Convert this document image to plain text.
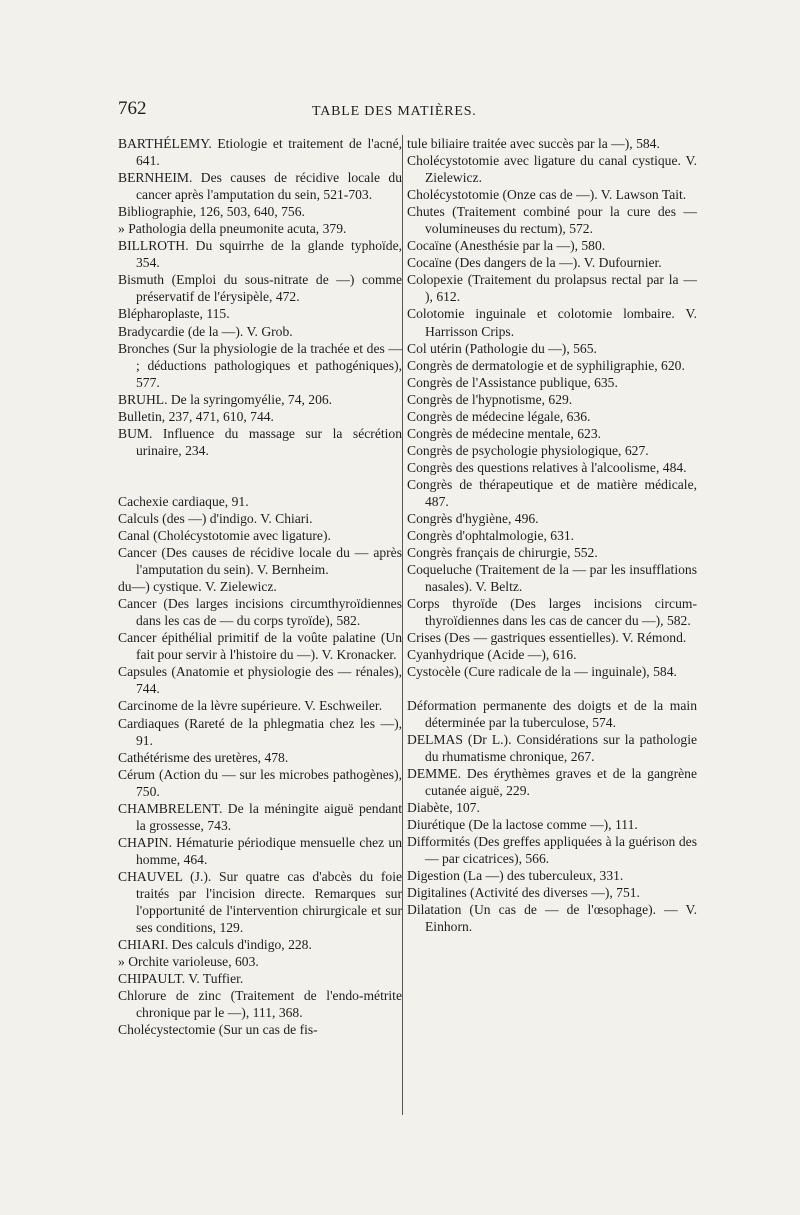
762	TABLE DES MATIÈRES.

BARTHÉLEMY. Etiologie et traitement de l'acné, 641.

BERNHEIM. Des causes de récidive locale du cancer après l'amputation du sein, 521-703.

Bibliographie, 126, 503, 640, 756.

» Pathologia della pneumonite acuta, 379.

BILLROTH. Du squirrhe de la glande typhoïde, 354.

Bismuth (Emploi du sous-nitrate de —) comme préservatif de l'érysipèle, 472.

Blépharoplaste, 115.

Bradycardie (de la —). V. Grob.

Bronches (Sur la physiologie de la trachée et des — ; déductions pathologiques et pathogéniques), 577.

BRUHL. De la syringomyélie, 74, 206.

Bulletin, 237, 471, 610, 744.

BUM. Influence du massage sur la sécrétion urinaire, 234.

Cachexie cardiaque, 91.

Calculs (des —) d'indigo. V. Chiari.

Canal (Cholécystotomie avec ligature).

Cancer (Des causes de récidive locale du — après l'amputation du sein). V. Bernheim.

du—) cystique. V. Zielewicz.

Cancer (Des larges incisions circumthyroïdiennes dans les cas de — du corps tyroïde), 582.

Cancer épithélial primitif de la voûte palatine (Un fait pour servir à l'histoire du —). V. Kronacker.

Capsules (Anatomie et physiologie des — rénales), 744.

Carcinome de la lèvre supérieure. V. Eschweiler.

Cardiaques (Rareté de la phlegmatia chez les —), 91.

Cathétérisme des uretères, 478.

Cérum (Action du — sur les microbes pathogènes), 750.

CHAMBRELENT. De la méningite aiguë pendant la grossesse, 743.

CHAPIN. Hématurie périodique mensuelle chez un homme, 464.

CHAUVEL (J.). Sur quatre cas d'abcès du foie traités par l'incision directe. Remarques sur l'opportunité de l'intervention chirurgicale et sur ses conditions, 129.

CHIARI. Des calculs d'indigo, 228.

» Orchite varioleuse, 603.

CHIPAULT. V. Tuffier.

Chlorure de zinc (Traitement de l'endo-métrite chronique par le —), 111, 368.

Cholécystectomie (Sur un cas de fis-

tule biliaire traitée avec succès par la —), 584.

Cholécystotomie avec ligature du canal cystique. V. Zielewicz.

Cholécystotomie (Onze cas de —). V. Lawson Tait.

Chutes (Traitement combiné pour la cure des — volumineuses du rectum), 572.

Cocaïne (Anesthésie par la —), 580.

Cocaïne (Des dangers de la —). V. Dufournier.

Colopexie (Traitement du prolapsus rectal par la — ), 612.

Colotomie inguinale et colotomie lombaire. V. Harrisson Crips.

Col utérin (Pathologie du —), 565.

Congrès de dermatologie et de syphiligraphie, 620.

Congrès de l'Assistance publique, 635.

Congrès de l'hypnotisme, 629.

Congrès de médecine légale, 636.

Congrès de médecine mentale, 623.

Congrès de psychologie physiologique, 627.

Congrès des questions relatives à l'alcoolisme, 484.

Congrès de thérapeutique et de matière médicale, 487.

Congrès d'hygiène, 496.

Congrès d'ophtalmologie, 631.

Congrès français de chirurgie, 552.

Coqueluche (Traitement de la — par les insufflations nasales). V. Beltz.

Corps thyroïde (Des larges incisions circum-thyroïdiennes dans les cas de cancer du —), 582.

Crises (Des — gastriques essentielles). V. Rémond.

Cyanhydrique (Acide —), 616.

Cystocèle (Cure radicale de la — inguinale), 584.

Déformation permanente des doigts et de la main déterminée par la tuberculose, 574.

DELMAS (Dr L.). Considérations sur la pathologie du rhumatisme chronique, 267.

DEMME. Des érythèmes graves et de la gangrène cutanée aiguë, 229.

Diabète, 107.

Diurétique (De la lactose comme —), 111.

Difformités (Des greffes appliquées à la guérison des — par cicatrices), 566.

Digestion (La —) des tuberculeux, 331.

Digitalines (Activité des diverses —), 751.

Dilatation (Un cas de — de l'œsophage). — V. Einhorn.
